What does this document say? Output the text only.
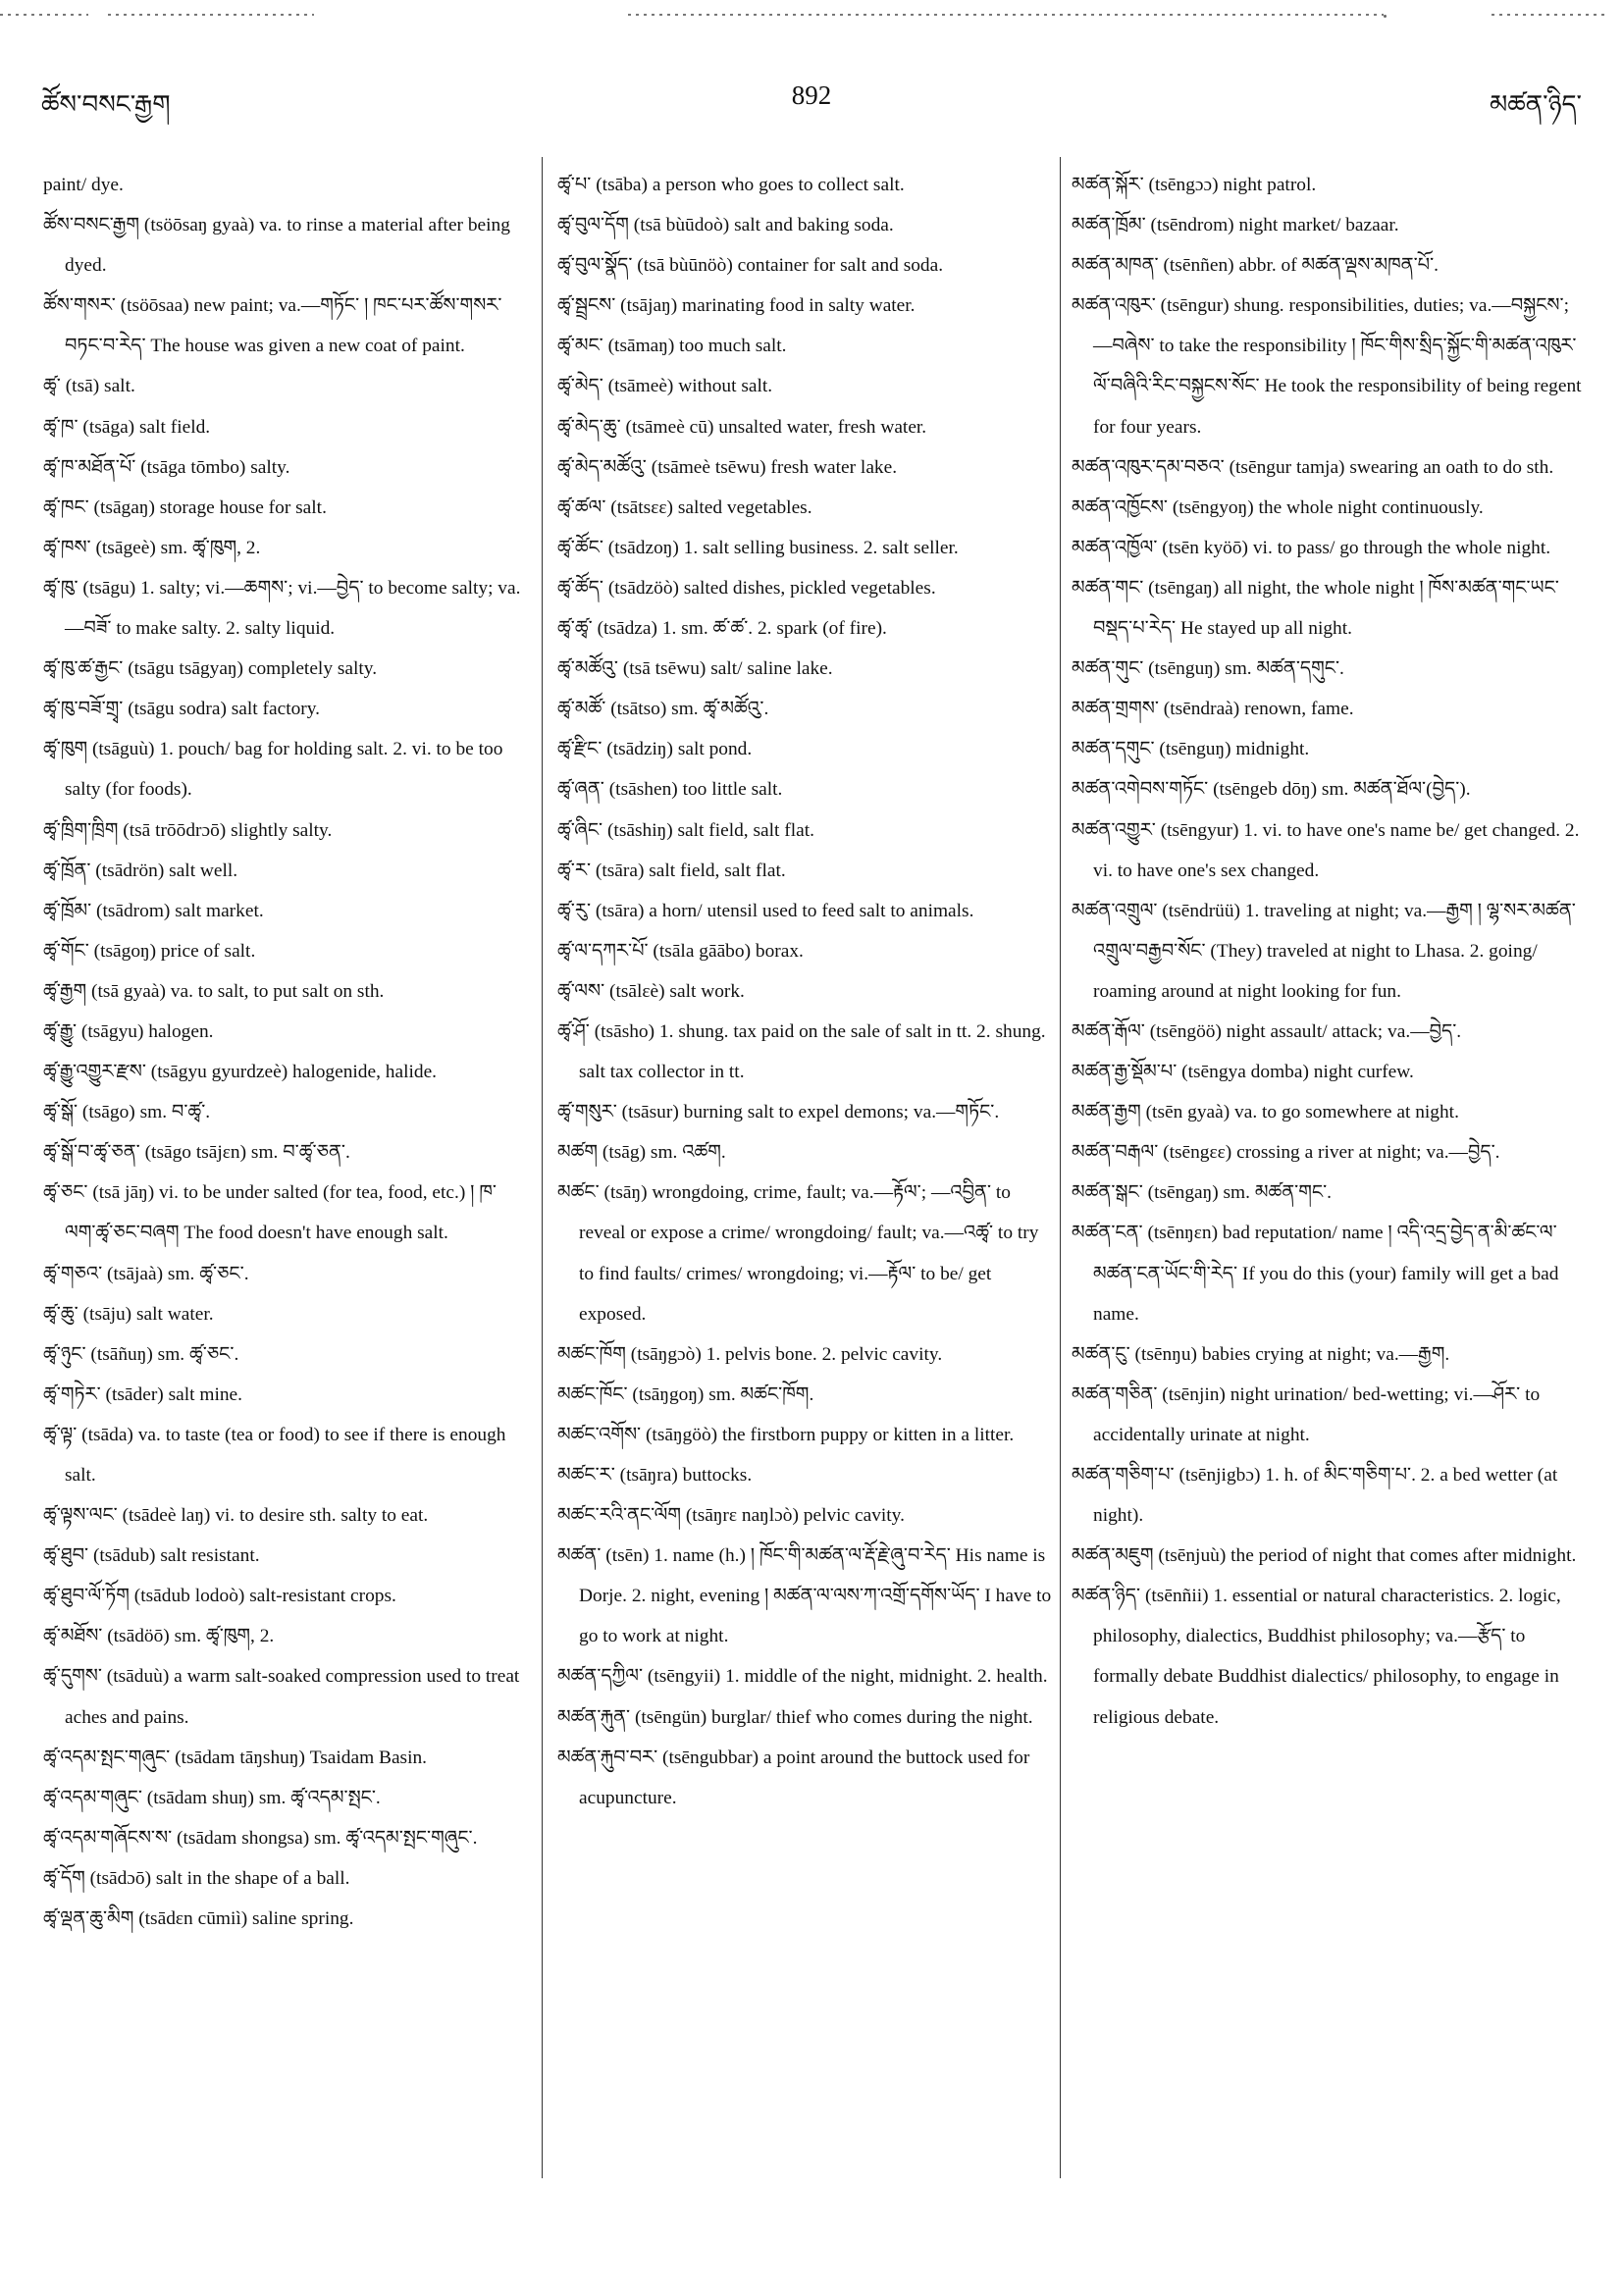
ཚོས་བསང་རྒྱག	892	མཚན་ཉིད་

paint/ dye.

ཚོས་བསང་རྒྱག (tsöōsaŋ gyaà) va. to rinse a material after being dyed.

ཚོས་གསར་ (tsöōsaa) new paint; va.—གཏོང་ ། ཁང་པར་ཚོས་གསར་བཏང་བ་རེད་ The house was given a new coat of paint.

ཚྭ་ (tsā) salt.

ཚྭ་ཁ་ (tsāga) salt field.

ཚྭ་ཁ་མཐོན་པོ་ (tsāga tōmbo) salty.

ཚྭ་ཁང་ (tsāgaŋ) storage house for salt.

ཚྭ་ཁས་ (tsāgeè) sm. ཚྭ་ཁུག, 2.

ཚྭ་ཁུ་ (tsāgu) 1. salty; vi.—ཆགས་; vi.—བྱེད་ to become salty; va.—བཟོ་ to make salty. 2. salty liquid.

ཚྭ་ཁུ་ཚ་རྒྱང་ (tsāgu tsāgyaŋ) completely salty.

ཚྭ་ཁུ་བཟོ་གྲྭ་ (tsāgu sodra) salt factory.

ཚྭ་ཁུག (tsāguù) 1. pouch/ bag for holding salt. 2. vi. to be too salty (for foods).

ཚྭ་ཁྲིག་ཁྲིག (tsā trōōdrɔō) slightly salty.

ཚྭ་ཁྲོན་ (tsādrön) salt well.

ཚྭ་ཁྲོམ་ (tsādrom) salt market.

ཚྭ་གོང་ (tsāgoŋ) price of salt.

ཚྭ་རྒྱག (tsā gyaà) va. to salt, to put salt on sth.

ཚྭ་རྒྱུ་ (tsāgyu) halogen.

ཚྭ་རྒྱུ་འགྱུར་རྫས་ (tsāgyu gyurdzeè) halogenide, halide.

ཚྭ་སྒོ་ (tsāgo) sm. བ་ཚྭ་.

ཚྭ་སྒོ་བ་ཚྭ་ཅན་ (tsāgo tsājɛn) sm. བ་ཚྭ་ཅན་.

ཚྭ་ཅང་ (tsā jāŋ) vi. to be under salted (for tea, food, etc.) ། ཁ་ལག་ཚྭ་ཅང་བཞག The food doesn't have enough salt.

ཚྭ་གཅའ་ (tsājaà) sm. ཚྭ་ཅང་.

ཚྭ་ཆུ་ (tsāju) salt water.

ཚྭ་ཉུང་ (tsāñuŋ) sm. ཚྭ་ཅང་.

ཚྭ་གཏེར་ (tsāder) salt mine.

ཚྭ་ལྟ་ (tsāda) va. to taste (tea or food) to see if there is enough salt.

ཚྭ་ལྟས་ལང་ (tsādeè laŋ) vi. to desire sth. salty to eat.

ཚྭ་ཐུབ་ (tsādub) salt resistant.

ཚྭ་ཐུབ་ལོ་ཏོག (tsādub lodoò) salt-resistant crops.

ཚྭ་མཐོས་ (tsādöō) sm. ཚྭ་ཁུག, 2.

ཚྭ་དུགས་ (tsāduù) a warm salt-soaked compression used to treat aches and pains.

ཚྭ་འདམ་སྤང་གཞུང་ (tsādam tāŋshuŋ) Tsaidam Basin.

ཚྭ་འདམ་གཞུང་ (tsādam shuŋ) sm. ཚྭ་འདམ་སྤང་.

ཚྭ་འདམ་གཞོངས་ས་ (tsādam shongsa) sm. ཚྭ་འདམ་སྤང་གཞུང་.

ཚྭ་དོག (tsādɔō) salt in the shape of a ball.

ཚྭ་ལྡན་ཆུ་མིག (tsādɛn cūmiì) saline spring.

ཚྭ་པ་ (tsāba) a person who goes to collect salt.

ཚྭ་བུལ་དོག (tsā bùūdoò) salt and baking soda.

ཚྭ་བུལ་སྣོད་ (tsā bùūnöò) container for salt and soda.

ཚྭ་སྦྲངས་ (tsājaŋ) marinating food in salty water.

ཚྭ་མང་ (tsāmaŋ) too much salt.

ཚྭ་མེད་ (tsāmeè) without salt.

ཚྭ་མེད་ཆུ་ (tsāmeè cū) unsalted water, fresh water.

ཚྭ་མེད་མཚོའུ་ (tsāmeè tsēwu) fresh water lake.

ཚྭ་ཚལ་ (tsātsɛɛ) salted vegetables.

ཚྭ་ཚོང་ (tsādzoŋ) 1. salt selling business. 2. salt seller.

ཚྭ་ཚོད་ (tsādzöò) salted dishes, pickled vegetables.

ཚྭ་ཚྭ་ (tsādza) 1. sm. ཚ་ཚ་. 2. spark (of fire).

ཚྭ་མཚོའུ་ (tsā tsēwu) salt/ saline lake.

ཚྭ་མཚོ་ (tsātso) sm. ཚྭ་མཚོའུ་.

ཚྭ་རྫིང་ (tsādziŋ) salt pond.

ཚྭ་ཞན་ (tsāshen) too little salt.

ཚྭ་ཞིང་ (tsāshiŋ) salt field, salt flat.

ཚྭ་ར་ (tsāra) salt field, salt flat.

ཚྭ་རུ་ (tsāra) a horn/ utensil used to feed salt to animals.

ཚྭ་ལ་དཀར་པོ་ (tsāla gāābo) borax.

ཚྭ་ལས་ (tsālɛè) salt work.

ཚྭ་ཤོ་ (tsāsho) 1. shung. tax paid on the sale of salt in tt. 2. shung. salt tax collector in tt.

ཚྭ་གསུར་ (tsāsur) burning salt to expel demons; va.—གཏོང་.

མཚག (tsāg) sm. འཚག.

མཚང་ (tsāŋ) wrongdoing, crime, fault; va.—རྟོལ་; —འབྱིན་ to reveal or expose a crime/ wrongdoing/ fault; va.—འཚྭ་ to try to find faults/ crimes/ wrongdoing; vi.—རྟོལ་ to be/ get exposed.

མཚང་ཁོག (tsāŋgɔò) 1. pelvis bone. 2. pelvic cavity.

མཚང་ཁོང་ (tsāŋgoŋ) sm. མཚང་ཁོག.

མཚང་འགོས་ (tsāŋgöò) the firstborn puppy or kitten in a litter.

མཚང་ར་ (tsāŋra) buttocks.

མཚང་རའི་ནང་ལོག (tsāŋrɛ naŋlɔò) pelvic cavity.

མཚན་ (tsēn) 1. name (h.) ། ཁོང་གི་མཚན་ལ་རྡོ་རྗེ་ཞུ་བ་རེད་ His name is Dorje. 2. night, evening ། མཚན་ལ་ལས་ཀ་འགྲོ་དགོས་ཡོད་ I have to go to work at night.

མཚན་དཀྱིལ་ (tsēngyii) 1. middle of the night, midnight. 2. health.

མཚན་རྐུན་ (tsēngün) burglar/ thief who comes during the night.

མཚན་རྐུབ་བར་ (tsēngubbar) a point around the buttock used for acupuncture.

མཚན་སྐོར་ (tsēngɔɔ) night patrol.

མཚན་ཁྲོམ་ (tsēndrom) night market/ bazaar.

མཚན་མཁན་ (tsēnñen) abbr. of མཚན་ལྡས་མཁན་པོ་.

མཚན་འཁུར་ (tsēngur) shung. responsibilities, duties; va.—བསྐྱངས་; —བཞེས་ to take the responsibility ། ཁོང་གིས་སྲིད་སྐྱོང་གི་མཚན་འཁུར་ལོ་བཞིའི་རིང་བསྐྱངས་སོང་ He took the responsibility of being regent for four years.

མཚན་འཁུར་དམ་བཅའ་ (tsēngur tamja) swearing an oath to do sth.

མཚན་འཁྱོངས་ (tsēngyoŋ) the whole night continuously.

མཚན་འཁྱོལ་ (tsēn kyöō) vi. to pass/ go through the whole night.

མཚན་གང་ (tsēngaŋ) all night, the whole night ། ཁོས་མཚན་གང་ཡང་བསྡད་པ་རེད་ He stayed up all night.

མཚན་གུང་ (tsēnguŋ) sm. མཚན་དགུང་.

མཚན་གྲགས་ (tsēndraà) renown, fame.

མཚན་དགུང་ (tsēnguŋ) midnight.

མཚན་འགེབས་གཏོང་ (tsēngeb dōŋ) sm. མཚན་ཐོལ་(བྱེད་).

མཚན་འགྱུར་ (tsēngyur) 1. vi. to have one's name be/ get changed. 2. vi. to have one's sex changed.

མཚན་འགྲུལ་ (tsēndrüü) 1. traveling at night; va.—རྒྱག ། ལྷ་སར་མཚན་འགྲུལ་བརྒྱབ་སོང་ (They) traveled at night to Lhasa. 2. going/ roaming around at night looking for fun.

མཚན་རྒོལ་ (tsēngöö) night assault/ attack; va.—བྱེད་.

མཚན་རྒྱ་སྡོམ་པ་ (tsēngya domba) night curfew.

མཚན་རྒྱག (tsēn gyaà) va. to go somewhere at night.

མཚན་བརྒལ་ (tsēngɛɛ) crossing a river at night; va.—བྱེད་.

མཚན་སྒང་ (tsēngaŋ) sm. མཚན་གང་.

མཚན་ངན་ (tsēnŋɛn) bad reputation/ name ། འདི་འདྲ་བྱེད་ན་མི་ཚང་ལ་མཚན་ངན་ཡོང་གི་རེད་ If you do this (your) family will get a bad name.

མཚན་ངུ་ (tsēnŋu) babies crying at night; va.—རྒྱག.

མཚན་གཅིན་ (tsēnjin) night urination/ bed-wetting; vi.—ཤོར་ to accidentally urinate at night.

མཚན་གཅིག་པ་ (tsēnjigbɔ) 1. h. of མིང་གཅིག་པ་. 2. a bed wetter (at night).

མཚན་མཇུག (tsēnjuù) the period of night that comes after midnight.

མཚན་ཉིད་ (tsēnñii) 1. essential or natural characteristics. 2. logic, philosophy, dialectics, Buddhist philosophy; va.—རྩོད་ to formally debate Buddhist dialectics/ philosophy, to engage in religious debate.
